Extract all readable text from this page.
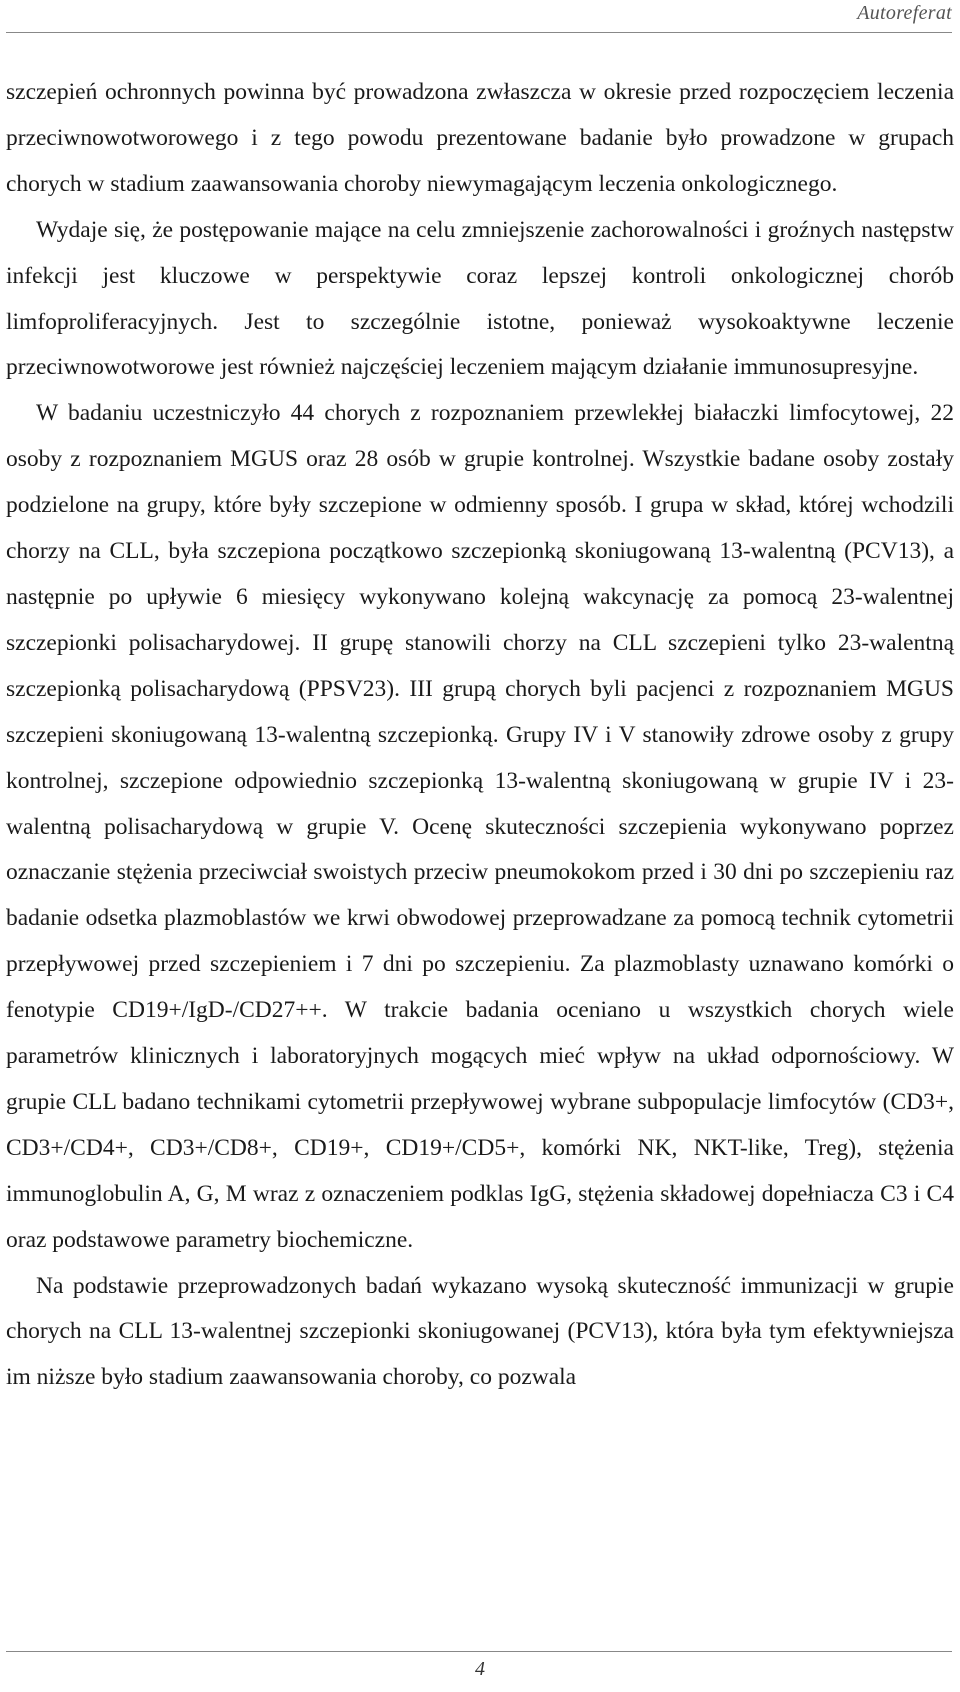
Autoreferat

szczepień ochronnych powinna być prowadzona zwłaszcza w okresie przed rozpoczęciem leczenia przeciwnowotworowego i z tego powodu prezentowane badanie było prowadzone w grupach chorych w stadium zaawansowania choroby niewymagającym leczenia onkologicznego.

Wydaje się, że postępowanie mające na celu zmniejszenie zachorowalności i groźnych następstw infekcji jest kluczowe w perspektywie coraz lepszej kontroli onkologicznej chorób limfoproliferacyjnych. Jest to szczególnie istotne, ponieważ wysokoaktywne leczenie przeciwnowotworowe jest również najczęściej leczeniem mającym działanie immunosupresyjne.

W badaniu uczestniczyło 44 chorych z rozpoznaniem przewlekłej białaczki limfocytowej, 22 osoby z rozpoznaniem MGUS oraz 28 osób w grupie kontrolnej. Wszystkie badane osoby zostały podzielone na grupy, które były szczepione w odmienny sposób. I grupa w skład, której wchodzili chorzy na CLL, była szczepiona początkowo szczepionką skoniugowaną 13-walentną (PCV13), a następnie po upływie 6 miesięcy wykonywano kolejną wakcynację za pomocą 23-walentnej szczepionki polisacharydowej. II grupę stanowili chorzy na CLL szczepieni tylko 23-walentną szczepionką polisacharydową (PPSV23). III grupą chorych byli pacjenci z rozpoznaniem MGUS szczepieni skoniugowaną 13-walentną szczepionką. Grupy IV i V stanowiły zdrowe osoby z grupy kontrolnej, szczepione odpowiednio szczepionką 13-walentną skoniugowaną w grupie IV i 23-walentną polisacharydową w grupie V. Ocenę skuteczności szczepienia wykonywano poprzez oznaczanie stężenia przeciwciał swoistych przeciw pneumokokom przed i 30 dni po szczepieniu raz badanie odsetka plazmoblastów we krwi obwodowej przeprowadzane za pomocą technik cytometrii przepływowej przed szczepieniem i 7 dni po szczepieniu. Za plazmoblasty uznawano komórki o fenotypie CD19+/IgD-/CD27++. W trakcie badania oceniano u wszystkich chorych wiele parametrów klinicznych i laboratoryjnych mogących mieć wpływ na układ odpornościowy. W grupie CLL badano technikami cytometrii przepływowej wybrane subpopulacje limfocytów (CD3+, CD3+/CD4+, CD3+/CD8+, CD19+, CD19+/CD5+, komórki NK, NKT-like, Treg), stężenia immunoglobulin A, G, M wraz z oznaczeniem podklas IgG, stężenia składowej dopełniacza C3 i C4 oraz podstawowe parametry biochemiczne.

Na podstawie przeprowadzonych badań wykazano wysoką skuteczność immunizacji w grupie chorych na CLL 13-walentnej szczepionki skoniugowanej (PCV13), która była tym efektywniejsza im niższe było stadium zaawansowania choroby, co pozwala

4
